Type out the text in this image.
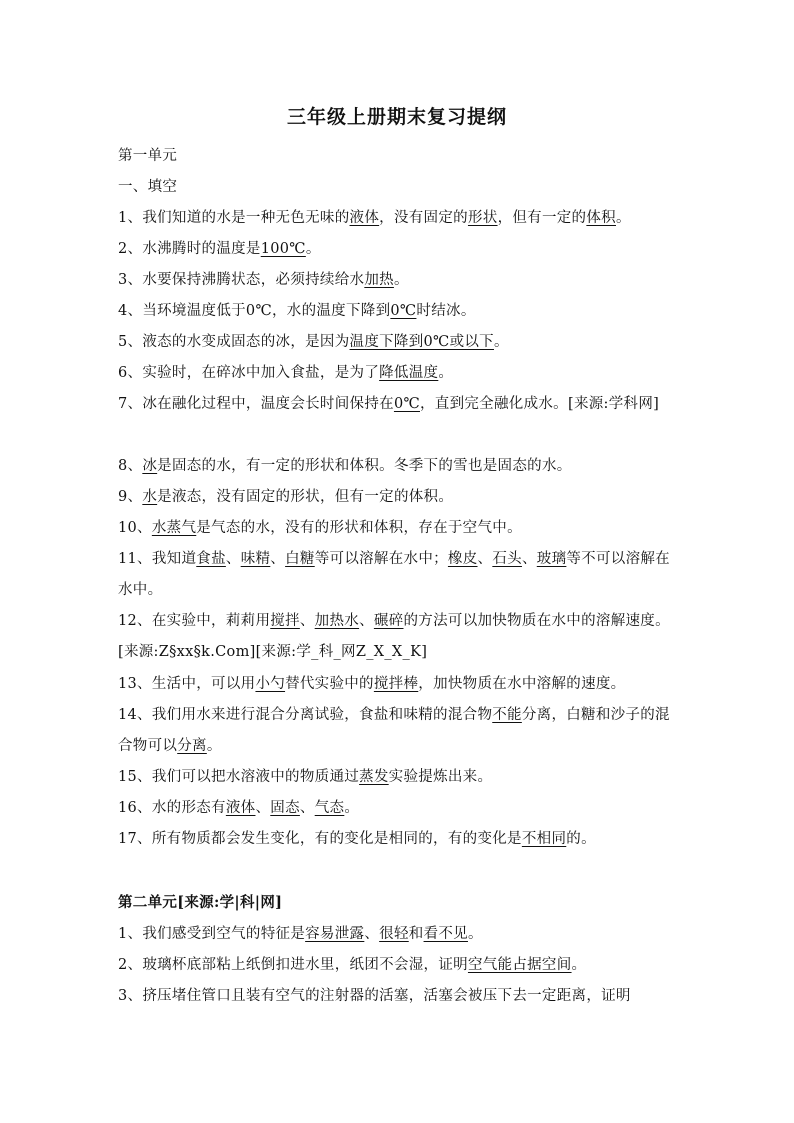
三年级上册期末复习提纲
第一单元
一、填空
1、我们知道的水是一种无色无味的液体，没有固定的形状，但有一定的体积。
2、水沸腾时的温度是100℃。
3、水要保持沸腾状态，必须持续给水加热。
4、当环境温度低于0℃，水的温度下降到0℃时结冰。
5、液态的水变成固态的冰，是因为温度下降到0℃或以下。
6、实验时，在碎冰中加入食盐，是为了降低温度。
7、冰在融化过程中，温度会长时间保持在0℃，直到完全融化成水。[来源:学科网]
8、冰是固态的水，有一定的形状和体积。冬季下的雪也是固态的水。
9、水是液态，没有固定的形状，但有一定的体积。
10、水蒸气是气态的水，没有的形状和体积，存在于空气中。
11、我知道食盐、味精、白糖等可以溶解在水中；橡皮、石头、玻璃等不可以溶解在水中。
12、在实验中，莉莉用搅拌、加热水、碾碎的方法可以加快物质在水中的溶解速度。[来源:Z§xx§k.Com][来源:学_科_网Z_X_X_K]
13、生活中，可以用小勺替代实验中的搅拌棒，加快物质在水中溶解的速度。
14、我们用水来进行混合分离试验，食盐和味精的混合物不能分离，白糖和沙子的混合物可以分离。
15、我们可以把水溶液中的物质通过蒸发实验提炼出来。
16、水的形态有液体、固态、气态。
17、所有物质都会发生变化，有的变化是相同的，有的变化是不相同的。
第二单元[来源:学|科|网]
1、我们感受到空气的特征是容易泄露、很轻和看不见。
2、玻璃杯底部粘上纸倒扣进水里，纸团不会湿，证明空气能占据空间。
3、挤压堵住管口且装有空气的注射器的活塞，活塞会被压下去一定距离，证明
